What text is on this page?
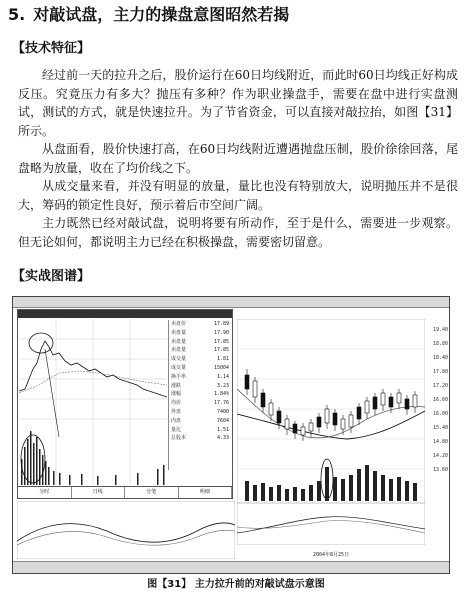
5. 对敲试盘，主力的操盘意图昭然若揭
【技术特征】

经过前一天的拉升之后，股价运行在60日均线附近，而此时60日均线正好构成反压。究竟压力有多大？抛压有多种？作为职业操盘手，需要在盘中进行实盘测试，测试的方式，就是快速拉升。为了节省资金，可以直接对敲拉抬，如图【31】所示。

从盘面看，股价快速打高，在60日均线附近遭遇抛盘压制，股价徐徐回落，尾盘略为放量，收在了均价线之下。

从成交量来看，并没有明显的放量，量比也没有特别放大，说明抛压并不是很大，筹码的锁定性良好，预示着后市空间广阔。

主力既然已经对敲试盘，说明将要有所动作，至于是什么，需要进一步观察。但无论如何，都说明主力已经在积极操盘，需要密切留意。

【实战图谱】
卖盘价	17.89
卖盘量	17.90
卖盘量	17.85
卖盘量	17.85
成交量	1.81
成交量	15004
换手率	1.14
涨跌	3.23
涨幅	1.84%
均价	17.76
外盘	7400
内盘	7604
量比	1.51
总股本	4.33
分时	日线	分笔	明细
19.40
18.80
18.40
17.80
17.20
16.60
16.00
15.40
14.80
14.20
13.60
2004年8月25日
图【31】 主力拉升前的对敲试盘示意图
